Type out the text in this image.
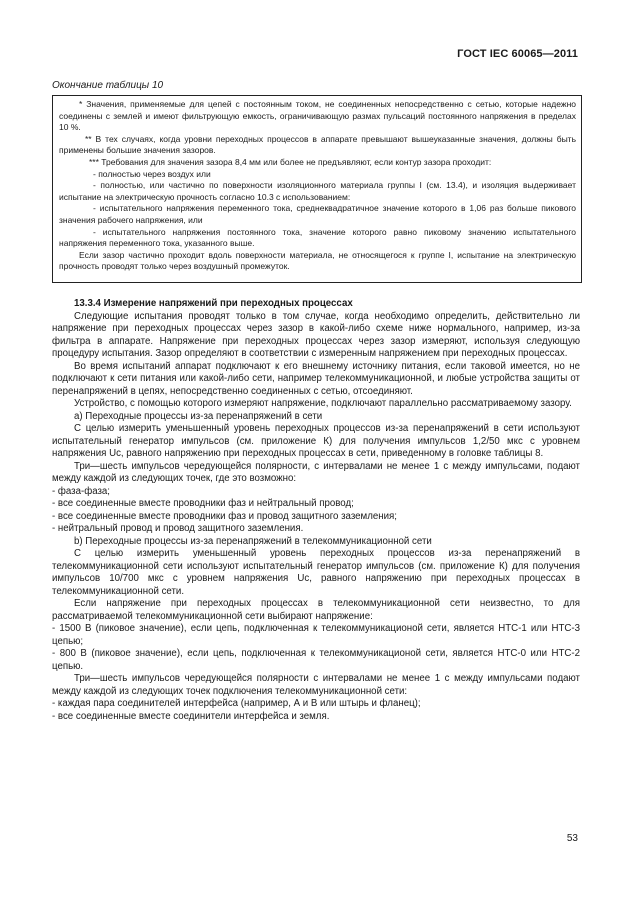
ГОСТ IEC 60065—2011
Окончание таблицы 10

* Значения, применяемые для цепей с постоянным током, не соединенных непосредственно с сетью, которые надежно соединены с землей и имеют фильтрующую емкость, ограничивающую размах пульсаций постоянного напряжения в пределах 10 %.

** В тех случаях, когда уровни переходных процессов в аппарате превышают вышеуказанные значения, должны быть применены большие значения зазоров.

*** Требования для значения зазора 8,4 мм или более не предъявляют, если контур зазора проходит:

- полностью через воздух или

- полностью, или частично по поверхности изоляционного материала группы I (см. 13.4), и изоляция выдерживает испытание на электрическую прочность согласно 10.3 с использованием:

- испытательного напряжения переменного тока, среднеквадратичное значение которого в 1,06 раз больше пикового значения рабочего напряжения, или

- испытательного напряжения постоянного тока, значение которого равно пиковому значению испытательного напряжения переменного тока, указанного выше.

Если зазор частично проходит вдоль поверхности материала, не относящегося к группе I, испытание на электрическую прочность проводят только через воздушный промежуток.

13.3.4 Измерение напряжений при переходных процессах

Следующие испытания проводят только в том случае, когда необходимо определить, действительно ли напряжение при переходных процессах через зазор в какой-либо схеме ниже нормального, например, из-за фильтра в аппарате. Напряжение при переходных процессах через зазор измеряют, используя следующую процедуру испытания. Зазор определяют в соответствии с измеренным напряжением при переходных процессах.

Во время испытаний аппарат подключают к его внешнему источнику питания, если таковой имеется, но не подключают к сети питания или какой-либо сети, например телекоммуникационной, и любые устройства защиты от перенапряжений в цепях, непосредственно соединенных с сетью, отсоединяют.

Устройство, с помощью которого измеряют напряжение, подключают параллельно рассматриваемому зазору.

а) Переходные процессы из-за перенапряжений в сети

С целью измерить уменьшенный уровень переходных процессов из-за перенапряжений в сети используют испытательный генератор импульсов (см. приложение К) для получения импульсов 1,2/50 мкс с уровнем напряжения Uc, равного напряжению при переходных процессах в сети, приведенному в головке таблицы 8.

Три—шесть импульсов чередующейся полярности, с интервалами не менее 1 с между импульсами, подают между каждой из следующих точек, где это возможно:

- фаза-фаза;

- все соединенные вместе проводники фаз и нейтральный провод;

- все соединенные вместе проводники фаз и провод защитного заземления;

- нейтральный провод и провод защитного заземления.

b) Переходные процессы из-за перенапряжений в телекоммуникационной сети

С целью измерить уменьшенный уровень переходных процессов из-за перенапряжений в телекоммуникационной сети используют испытательный генератор импульсов (см. приложение К) для получения импульсов 10/700 мкс с уровнем напряжения Uc, равного напряжению при переходных процессах в телекоммуникационной сети.

Если напряжение при переходных процессах в телекоммуникационной сети неизвестно, то для рассматриваемой телекоммуникационной сети выбирают напряжение:

- 1500 В (пиковое значение), если цепь, подключенная к телекоммуникационой сети, является НТС-1 или НТС-3 цепью;

- 800 В (пиковое значение), если цепь, подключенная к телекоммуникационой сети, является НТС-0 или НТС-2 цепью.

Три—шесть импульсов чередующейся полярности с интервалами не менее 1 с между импульсами подают между каждой из следующих точек подключения телекоммуникационной сети:

- каждая пара соединителей интерфейса (например, А и В или штырь и фланец);

- все соединенные вместе соединители интерфейса и земля.

53
